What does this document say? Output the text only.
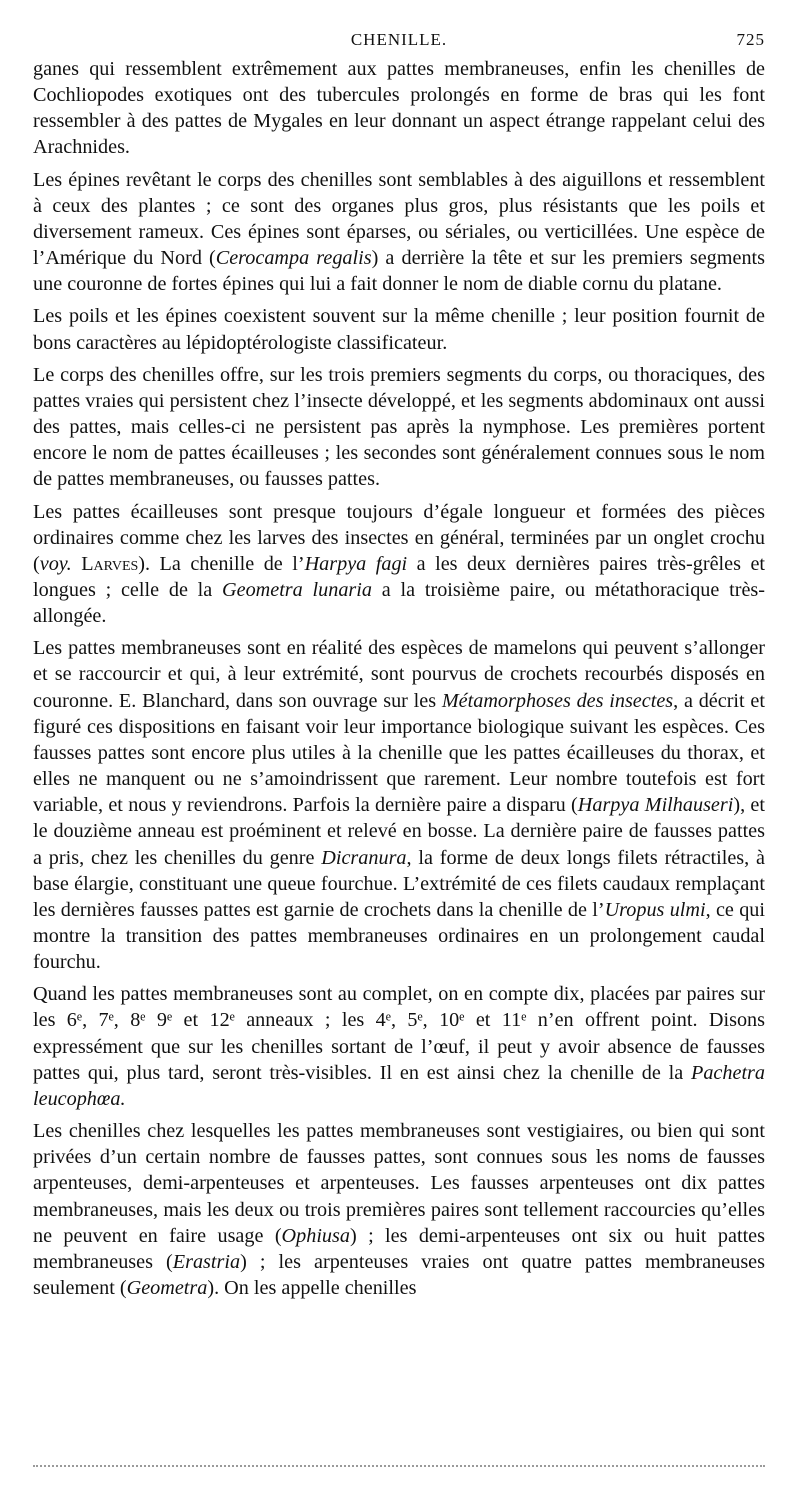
CHENILLE.	725

ganes qui ressemblent extrêmement aux pattes membraneuses, enfin les chenilles de Cochliopodes exotiques ont des tubercules prolongés en forme de bras qui les font ressembler à des pattes de Mygales en leur donnant un aspect étrange rappelant celui des Arachnides.

Les épines revêtant le corps des chenilles sont semblables à des aiguillons et ressemblent à ceux des plantes ; ce sont des organes plus gros, plus résistants que les poils et diversement rameux. Ces épines sont éparses, ou sériales, ou verticillées. Une espèce de l’Amérique du Nord (Cerocampa regalis) a derrière la tête et sur les premiers segments une couronne de fortes épines qui lui a fait donner le nom de diable cornu du platane.

Les poils et les épines coexistent souvent sur la même chenille ; leur position fournit de bons caractères au lépidoptérologiste classificateur.

Le corps des chenilles offre, sur les trois premiers segments du corps, ou thoraciques, des pattes vraies qui persistent chez l’insecte développé, et les segments abdominaux ont aussi des pattes, mais celles-ci ne persistent pas après la nymphose. Les premières portent encore le nom de pattes écailleuses ; les secondes sont généralement connues sous le nom de pattes membraneuses, ou fausses pattes.

Les pattes écailleuses sont presque toujours d’égale longueur et formées des pièces ordinaires comme chez les larves des insectes en général, terminées par un onglet crochu (voy. Larves). La chenille de l’Harpya fagi a les deux dernières paires très-grêles et longues ; celle de la Geometra lunaria a la troisième paire, ou métathoracique très-allongée.

Les pattes membraneuses sont en réalité des espèces de mamelons qui peuvent s’allonger et se raccourcir et qui, à leur extrémité, sont pourvus de crochets recourbés disposés en couronne. E. Blanchard, dans son ouvrage sur les Métamorphoses des insectes, a décrit et figuré ces dispositions en faisant voir leur importance biologique suivant les espèces. Ces fausses pattes sont encore plus utiles à la chenille que les pattes écailleuses du thorax, et elles ne manquent ou ne s’amoindrissent que rarement. Leur nombre toutefois est fort variable, et nous y reviendrons. Parfois la dernière paire a disparu (Harpya Milhauseri), et le douzième anneau est proéminent et relevé en bosse. La dernière paire de fausses pattes a pris, chez les chenilles du genre Dicranura, la forme de deux longs filets rétractiles, à base élargie, constituant une queue fourchue. L’extrémité de ces filets caudaux remplaçant les dernières fausses pattes est garnie de crochets dans la chenille de l’Uropus ulmi, ce qui montre la transition des pattes membraneuses ordinaires en un prolongement caudal fourchu.

Quand les pattes membraneuses sont au complet, on en compte dix, placées par paires sur les 6ᵉ, 7ᵉ, 8ᵉ 9ᵉ et 12ᵉ anneaux ; les 4ᵉ, 5ᵉ, 10ᵉ et 11ᵉ n’en offrent point. Disons expressément que sur les chenilles sortant de l’œuf, il peut y avoir absence de fausses pattes qui, plus tard, seront très-visibles. Il en est ainsi chez la chenille de la Pachetra leucophœa.

Les chenilles chez lesquelles les pattes membraneuses sont vestigiaires, ou bien qui sont privées d’un certain nombre de fausses pattes, sont connues sous les noms de fausses arpenteuses, demi-arpenteuses et arpenteuses. Les fausses arpenteuses ont dix pattes membraneuses, mais les deux ou trois premières paires sont tellement raccourcies qu’elles ne peuvent en faire usage (Ophiusa) ; les demi-arpenteuses ont six ou huit pattes membraneuses (Erastria) ; les arpenteuses vraies ont quatre pattes membraneuses seulement (Geometra). On les appelle chenilles
